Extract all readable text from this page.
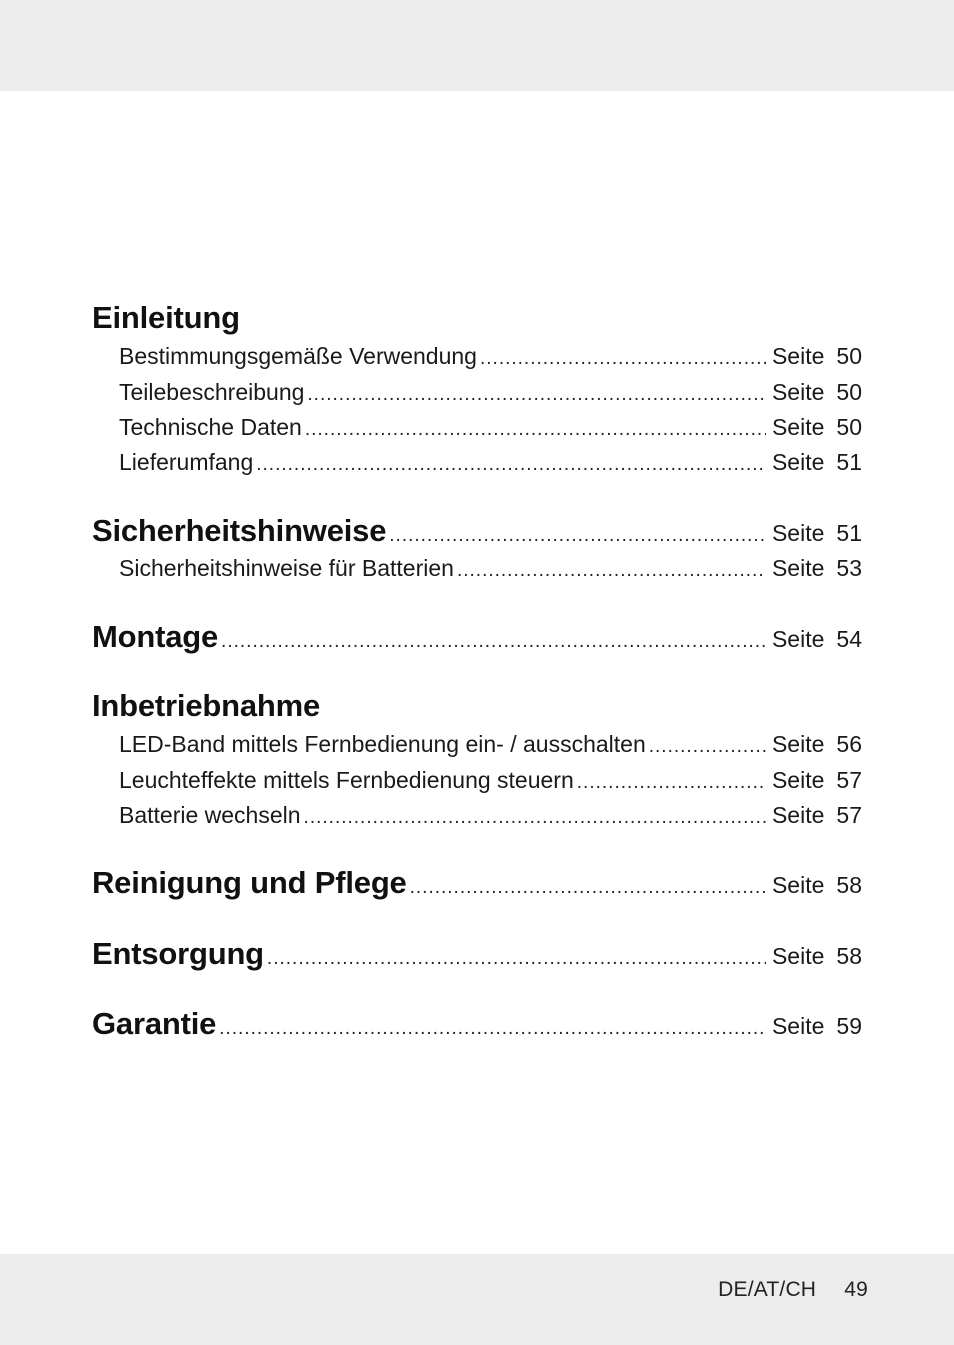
Einleitung
Bestimmungsgemäße Verwendung .....	Seite 50
Teilebeschreibung .....	Seite 50
Technische Daten .....	Seite 50
Lieferumfang .....	Seite 51
Sicherheitshinweise .....	Seite 51
Sicherheitshinweise für Batterien .....	Seite 53
Montage .....	Seite 54
Inbetriebnahme
LED-Band mittels Fernbedienung ein- / ausschalten .....	Seite 56
Leuchteffekte mittels Fernbedienung steuern .....	Seite 57
Batterie wechseln .....	Seite 57
Reinigung und Pflege .....	Seite 58
Entsorgung .....	Seite 58
Garantie .....	Seite 59
DE/AT/CH 49
